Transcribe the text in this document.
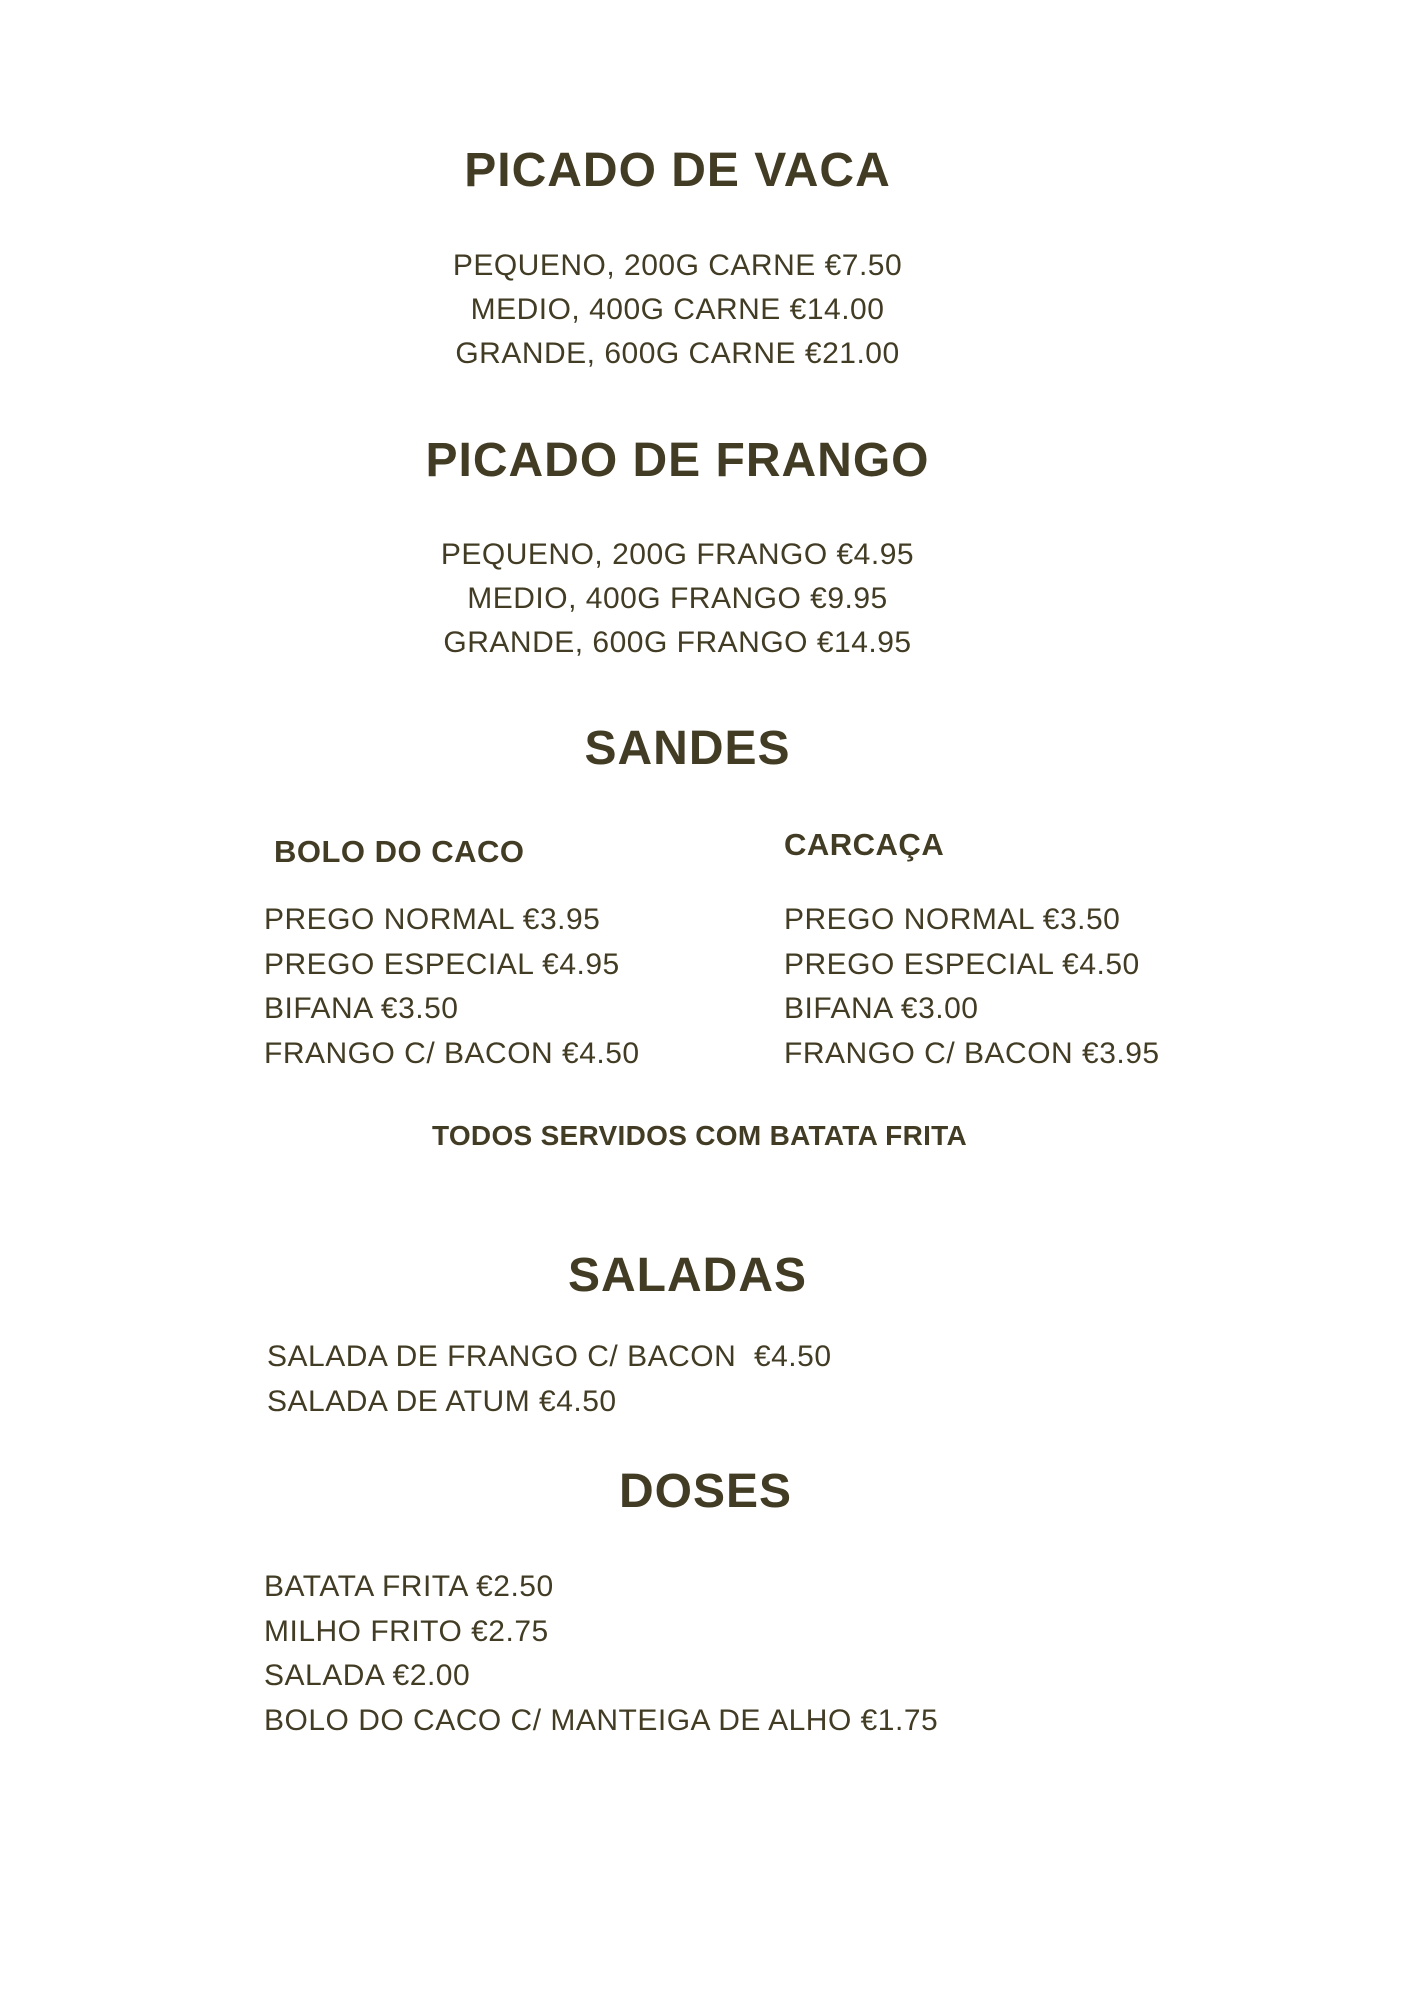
PICADO DE VACA
PEQUENO, 200G CARNE €7.50
MEDIO, 400G CARNE €14.00
GRANDE, 600G CARNE €21.00
PICADO DE FRANGO
PEQUENO, 200G FRANGO €4.95
MEDIO, 400G FRANGO €9.95
GRANDE, 600G FRANGO €14.95
SANDES
BOLO DO CACO	CARCAÇA
PREGO NORMAL €3.95
PREGO ESPECIAL €4.95
BIFANA €3.50
FRANGO C/ BACON €4.50
PREGO NORMAL €3.50
PREGO ESPECIAL €4.50
BIFANA €3.00
FRANGO C/ BACON €3.95

TODOS SERVIDOS COM BATATA FRITA

SALADAS
SALADA DE FRANGO C/ BACON  €4.50
SALADA DE ATUM €4.50
DOSES
BATATA FRITA €2.50
MILHO FRITO €2.75
SALADA €2.00
BOLO DO CACO C/ MANTEIGA DE ALHO €1.75
